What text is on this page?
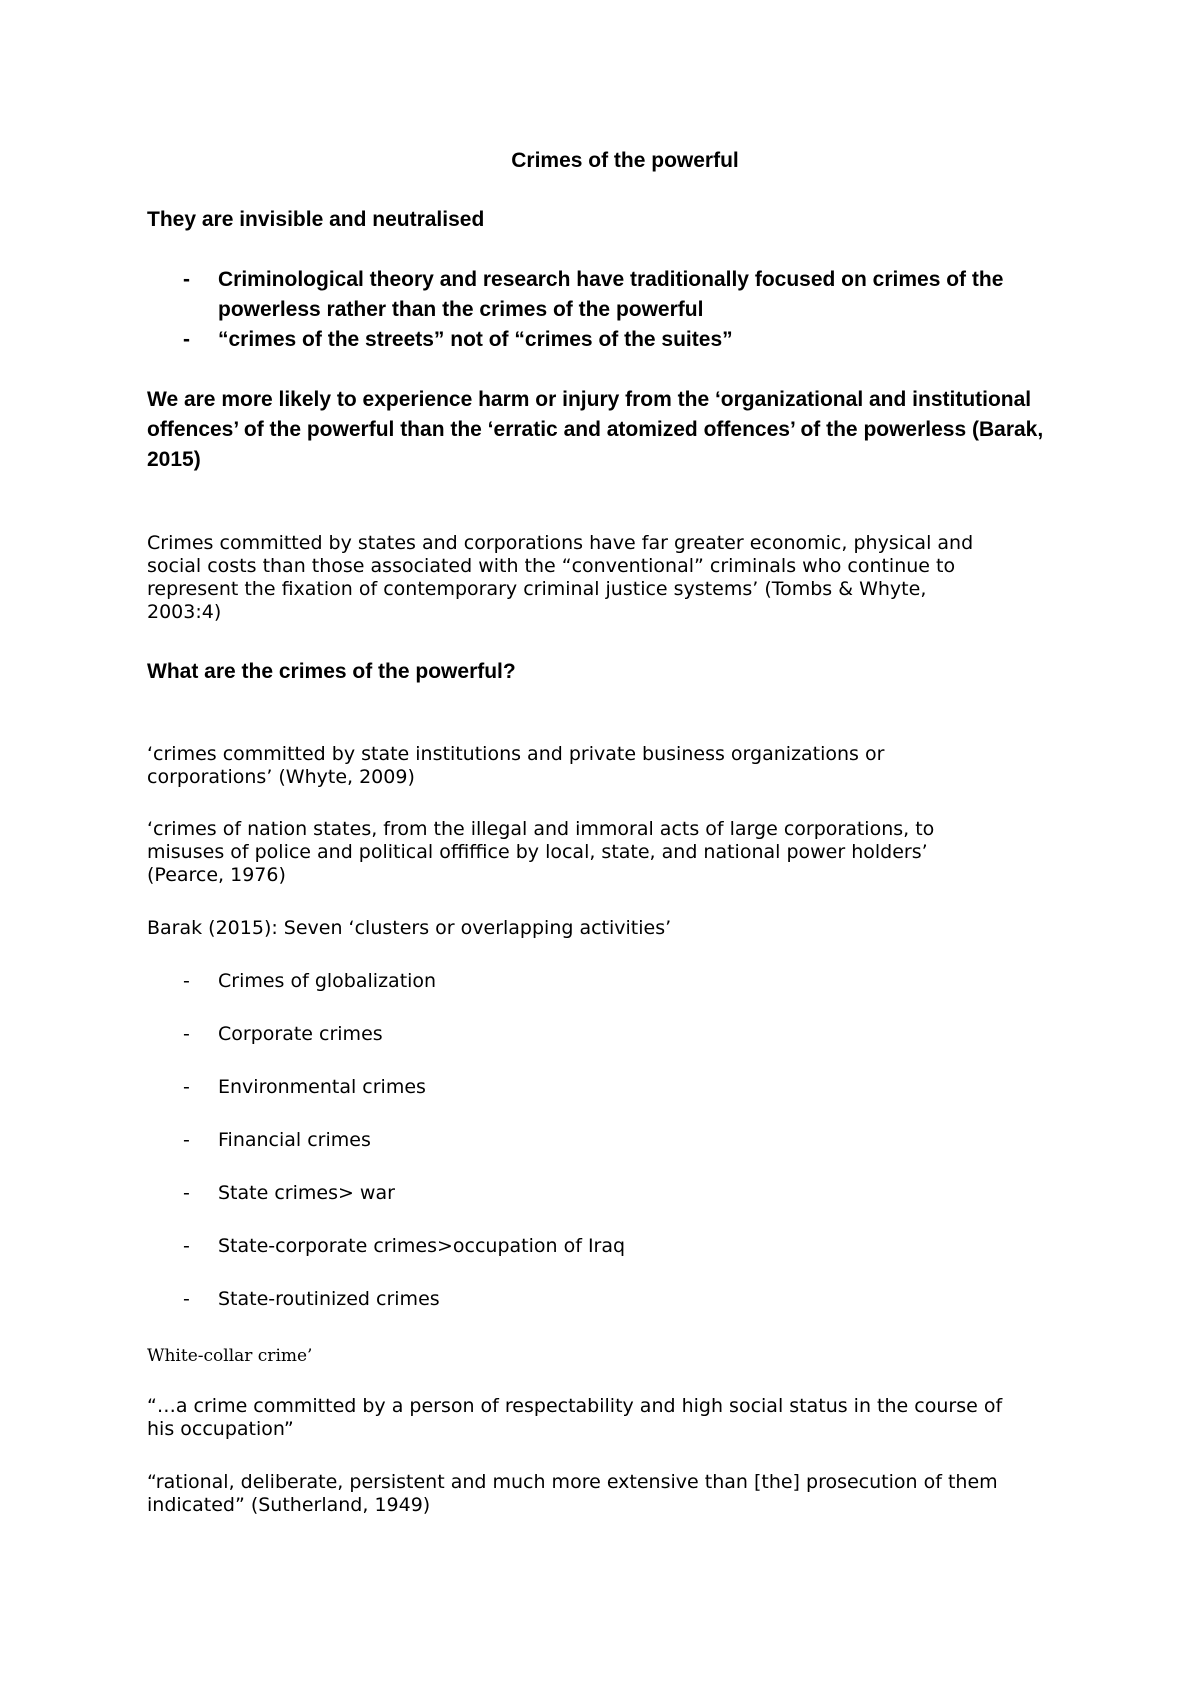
Crimes of the powerful

They are invisible and neutralised

- Criminological theory and research have traditionally focused on crimes of the

powerless rather than the crimes of the powerful

- “crimes of the streets” not of “crimes of the suites”

We are more likely to experience harm or injury from the ‘organizational and institutional

offences’ of the powerful than the ‘erratic and atomized offences’ of the powerless (Barak,

2015)

Crimes committed by states and corporations have far greater economic, physical and

social costs than those associated with the “conventional” criminals who continue to

represent the fixation of contemporary criminal justice systems’ (Tombs & Whyte,

2003:4)

What are the crimes of the powerful?

‘crimes committed by state institutions and private business organizations or

corporations’ (Whyte, 2009)

‘crimes of nation states, from the illegal and immoral acts of large corporations, to

misuses of police and political offiffice by local, state, and national power holders’

(Pearce, 1976)

Barak (2015): Seven ‘clusters or overlapping activities’

- Crimes of globalization

- Corporate crimes

- Environmental crimes

- Financial crimes

- State crimes> war

- State-corporate crimes>occupation of Iraq

- State-routinized crimes

White-collar crime’

“…a crime committed by a person of respectability and high social status in the course of

his occupation”

“rational, deliberate, persistent and much more extensive than [the] prosecution of them

indicated” (Sutherland, 1949)
